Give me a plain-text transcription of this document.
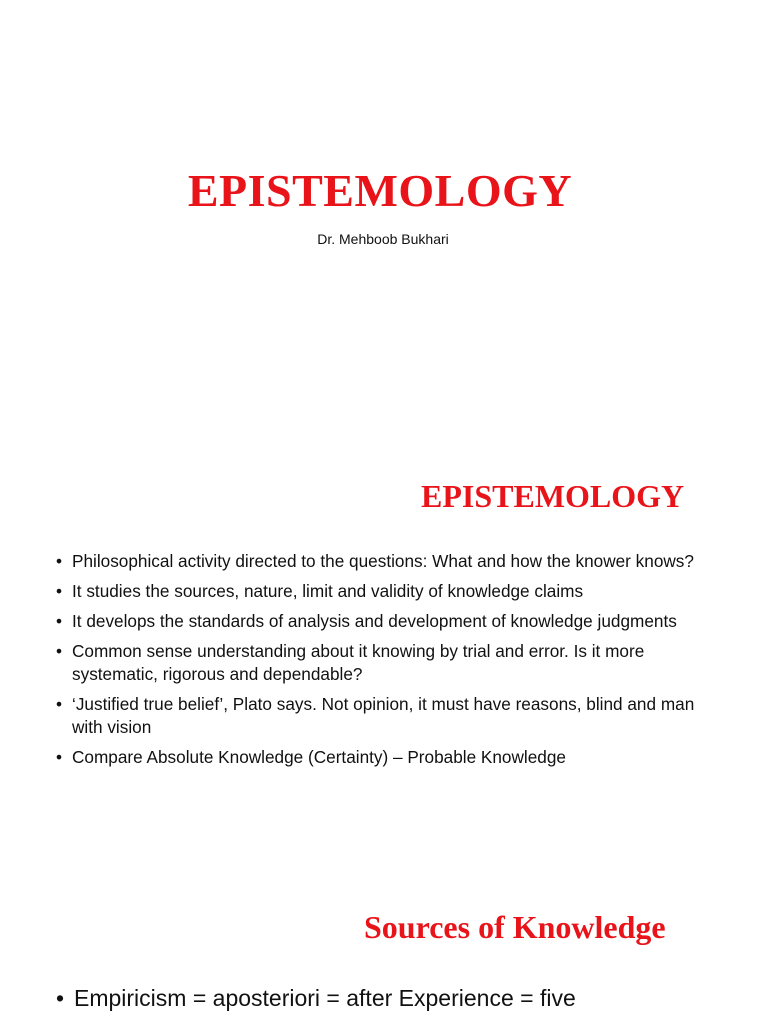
EPISTEMOLOGY

Dr. Mehboob Bukhari

EPISTEMOLOGY
• Philosophical activity directed to the questions: What and how the knower knows?
• It studies the sources, nature, limit and validity of knowledge claims
• It develops the standards of analysis and development of knowledge judgments
• Common sense understanding about it knowing by trial and error. Is it more systematic, rigorous and dependable?
• ‘Justified true belief’, Plato says. Not opinion, it must have reasons, blind and man with vision
• Compare Absolute Knowledge (Certainty) – Probable Knowledge
Sources of Knowledge
• Empiricism = aposteriori = after Experience = five
